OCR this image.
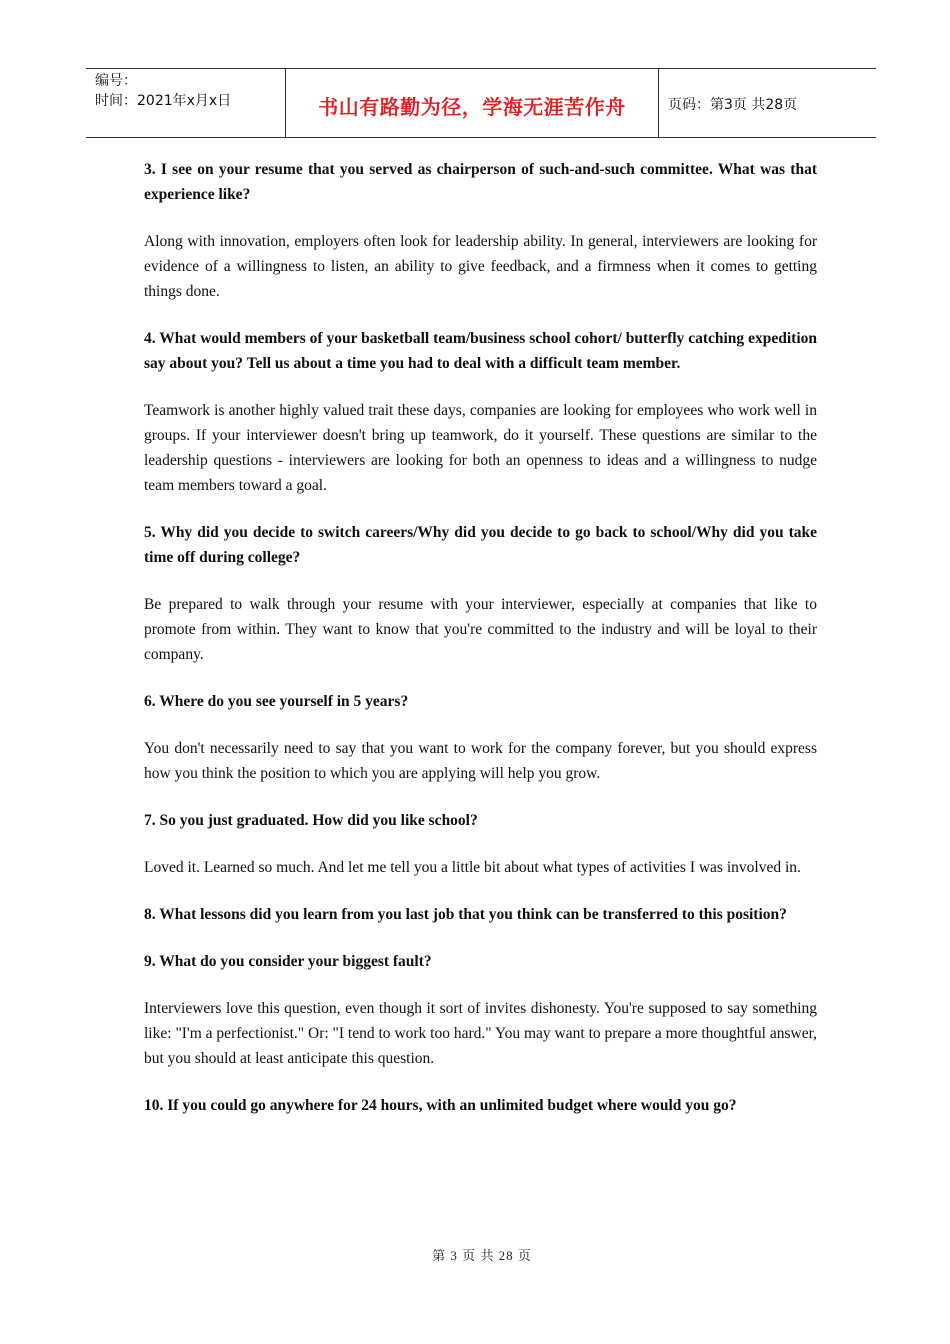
编号：
时间：2021年x月x日	书山有路勤为径，学海无涯苦作舟	页码：第3页 共28页

3. I see on your resume that you served as chairperson of such-and-such committee. What was that experience like?

Along with innovation, employers often look for leadership ability. In general, interviewers are looking for evidence of a willingness to listen, an ability to give feedback, and a firmness when it comes to getting things done.

4. What would members of your basketball team/business school cohort/ butterfly catching expedition say about you? Tell us about a time you had to deal with a difficult team member.

Teamwork is another highly valued trait these days, companies are looking for employees who work well in groups. If your interviewer doesn't bring up teamwork, do it yourself. These questions are similar to the leadership questions - interviewers are looking for both an openness to ideas and a willingness to nudge team members toward a goal.

5. Why did you decide to switch careers/Why did you decide to go back to school/Why did you take time off during college?

Be prepared to walk through your resume with your interviewer, especially at companies that like to promote from within. They want to know that you're committed to the industry and will be loyal to their company.

6. Where do you see yourself in 5 years?

You don't necessarily need to say that you want to work for the company forever, but you should express how you think the position to which you are applying will help you grow.

7. So you just graduated. How did you like school?

Loved it. Learned so much. And let me tell you a little bit about what types of activities I was involved in.

8. What lessons did you learn from you last job that you think can be transferred to this position?

9. What do you consider your biggest fault?

Interviewers love this question, even though it sort of invites dishonesty. You're supposed to say something like: "I'm a perfectionist." Or: "I tend to work too hard." You may want to prepare a more thoughtful answer, but you should at least anticipate this question.

10. If you could go anywhere for 24 hours, with an unlimited budget where would you go?

第 3 页 共 28 页
